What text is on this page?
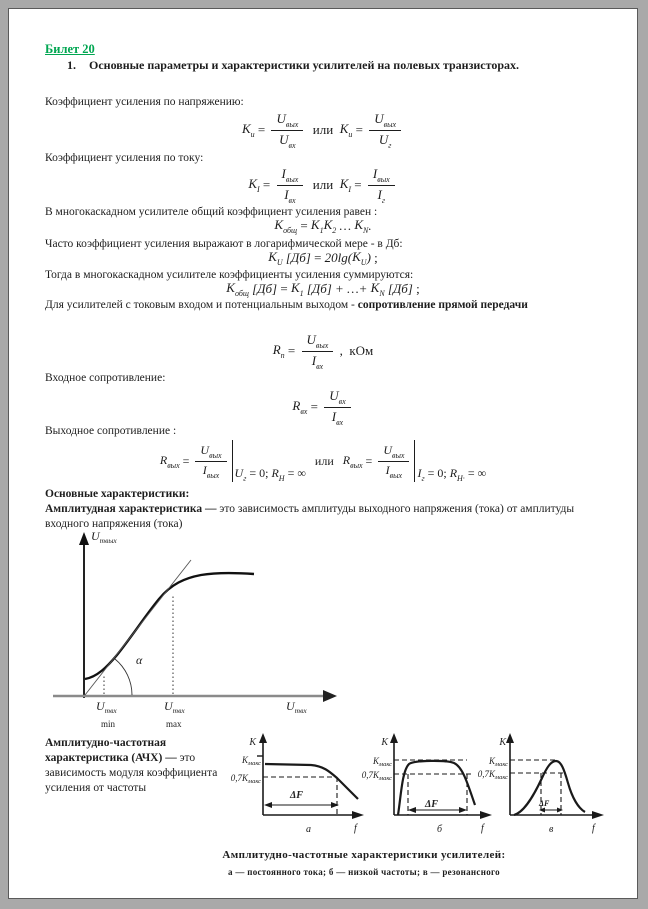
Билет 20
1. Основные параметры и характеристики усилителей на полевых транзисторах.
Коэффициент усиления по напряжению:
$K_и = \frac{U_{вых}}{U_{вх}}$ или $K_и = \frac{U_{вых}}{U_г}$
Коэффициент усиления по току:
$K_I = \frac{I_{вых}}{I_{вх}}$ или $K_I = \frac{I_{вых}}{I_г}$
В многокаскадном усилителе общий коэффициент усиления равен :
$K_{общ} = K_1$ $K_2$ … $K_N$ .
Часто коэффициент усиления выражают в логарифмической мере - в Дб:
$K_U$ [Дб] = 20lg( $K_U$ ) ;
Тогда в многокаскадном усилителе коэффициенты усиления суммируются:
$K_{общ}$ $[Дб] = K_1$ [Дб] + …+ $K_N$ [Дб] ;
Для усилителей с токовым входом и потенциальным выходом - сопротивление прямой передачи
$R_п = \frac{U_{вых}}{I_{вх}}$ ,  кОм
Входное сопротивление:
$R_{вх} = \frac{U_{вх}}{I_{вх}}$
Выходное сопротивление :
$R_{вых} = \frac{U_{вых}}{I_{вых}} U_г = 0$; $R_Н$ = ∞
или $R_{вых} = \frac{U_{вых}}{I_{вых}} I_г = 0$; $R_{Н\cdot}$ = ∞
Основные характеристики:
Амплитудная характеристика — это зависимость амплитуды выходного напряжения (тока) от амплитуды входного напряжения (тока)
α
$U_{mвых}$
$U_{mвх}$
min
$U_{mвх}$
max
$U_{mвх}$
Амплитудно-частотная характеристика (АЧХ) — это зависимость модуля коэффициента усиления от частоты
K
$К_{макс}$
$0,7К_{макс}$
ΔF
а	f
K
$К_{макс}$
$0,7К_{макс}$
ΔF
б	f
K
$К_{макс}$
$0,7К_{макс}$
ΔF
в	f
Амплитудно-частотные характеристики усилителей:
а — постоянного тока; б — низкой частоты; в — резонансного
